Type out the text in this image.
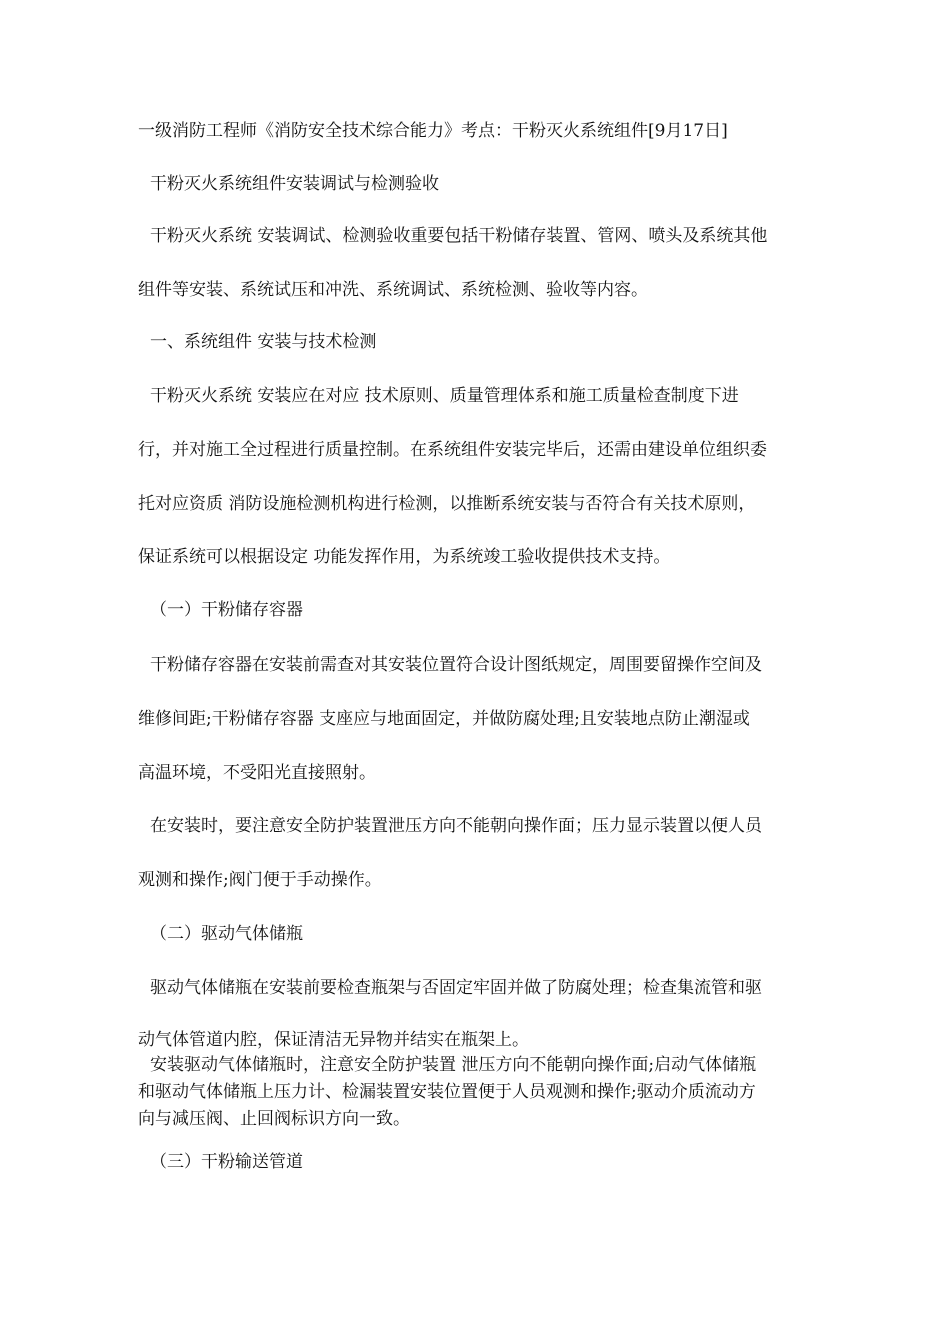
一级消防工程师《消防安全技术综合能力》考点：干粉灭火系统组件[9月17日]
干粉灭火系统组件安装调试与检测验收
干粉灭火系统 安装调试、检测验收重要包括干粉储存装置、管网、喷头及系统其他
组件等安装、系统试压和冲洗、系统调试、系统检测、验收等内容。
一、系统组件 安装与技术检测
干粉灭火系统 安装应在对应 技术原则、质量管理体系和施工质量检查制度下进
行，并对施工全过程进行质量控制。在系统组件安装完毕后，还需由建设单位组织委
托对应资质 消防设施检测机构进行检测，以推断系统安装与否符合有关技术原则，
保证系统可以根据设定 功能发挥作用，为系统竣工验收提供技术支持。
（一）干粉储存容器
干粉储存容器在安装前需查对其安装位置符合设计图纸规定，周围要留操作空间及
维修间距;干粉储存容器 支座应与地面固定，并做防腐处理;且安装地点防止潮湿或
高温环境，不受阳光直接照射。
在安装时，要注意安全防护装置泄压方向不能朝向操作面；压力显示装置以便人员
观测和操作;阀门便于手动操作。
（二）驱动气体储瓶
驱动气体储瓶在安装前要检查瓶架与否固定牢固并做了防腐处理；检查集流管和驱
动气体管道内腔，保证清洁无异物并结实在瓶架上。
安装驱动气体储瓶时，注意安全防护装置 泄压方向不能朝向操作面;启动气体储瓶
和驱动气体储瓶上压力计、检漏装置安装位置便于人员观测和操作;驱动介质流动方
向与减压阀、止回阀标识方向一致。
（三）干粉输送管道
